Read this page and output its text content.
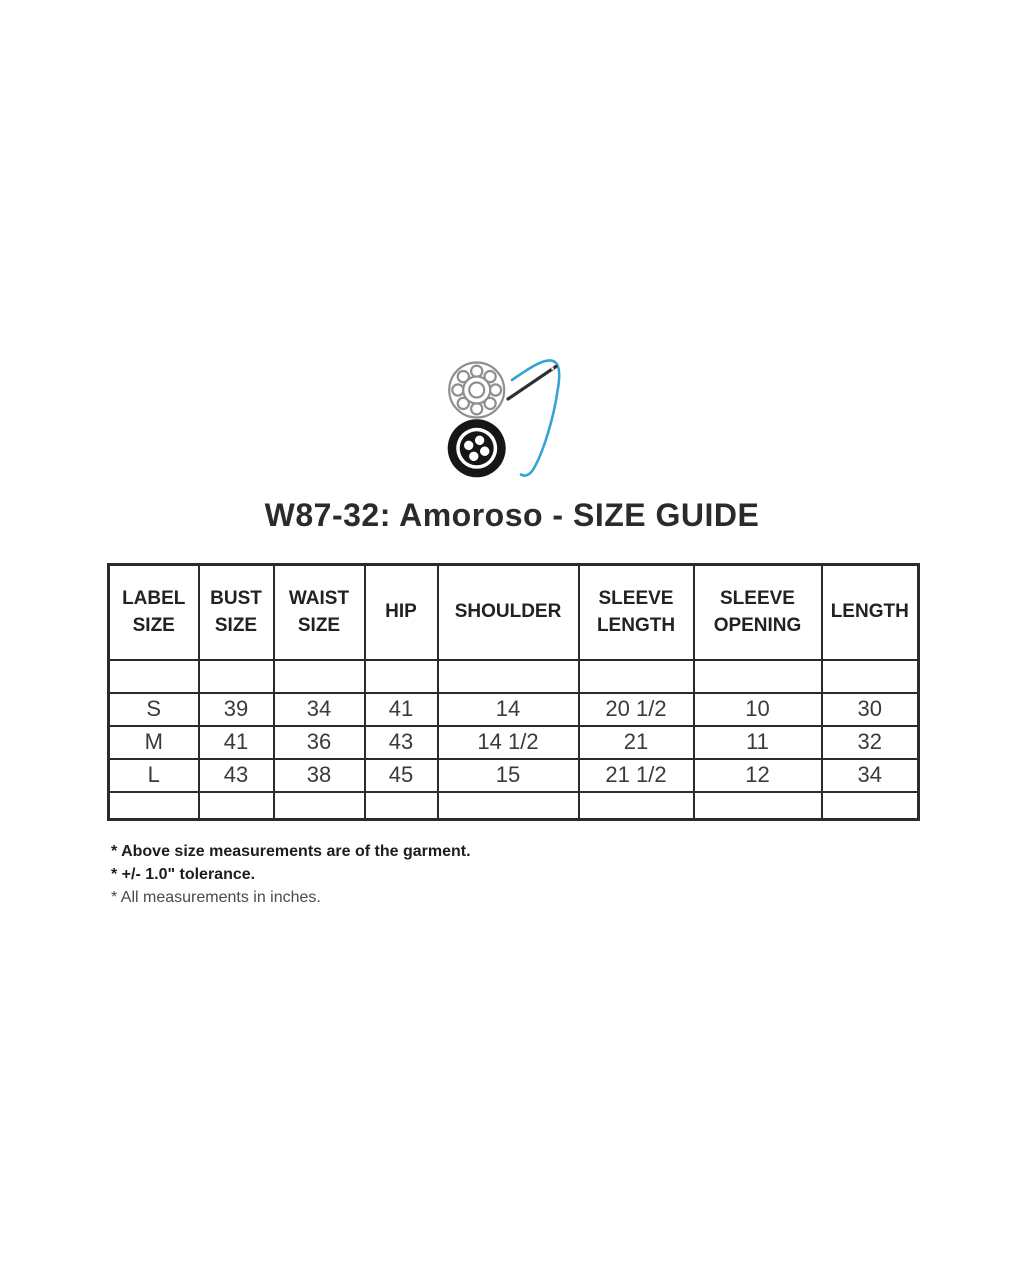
W87-32: Amoroso - SIZE GUIDE
LABEL SIZE	BUST SIZE	WAIST SIZE	HIP	SHOULDER	SLEEVE LENGTH	SLEEVE OPENING	LENGTH

S	39	34	41	14	20 1/2	10	30
M	41	36	43	14 1/2	21	11	32
L	43	38	45	15	21 1/2	12	34

* Above size measurements are of the garment.

* +/- 1.0" tolerance.

* All measurements in inches.
